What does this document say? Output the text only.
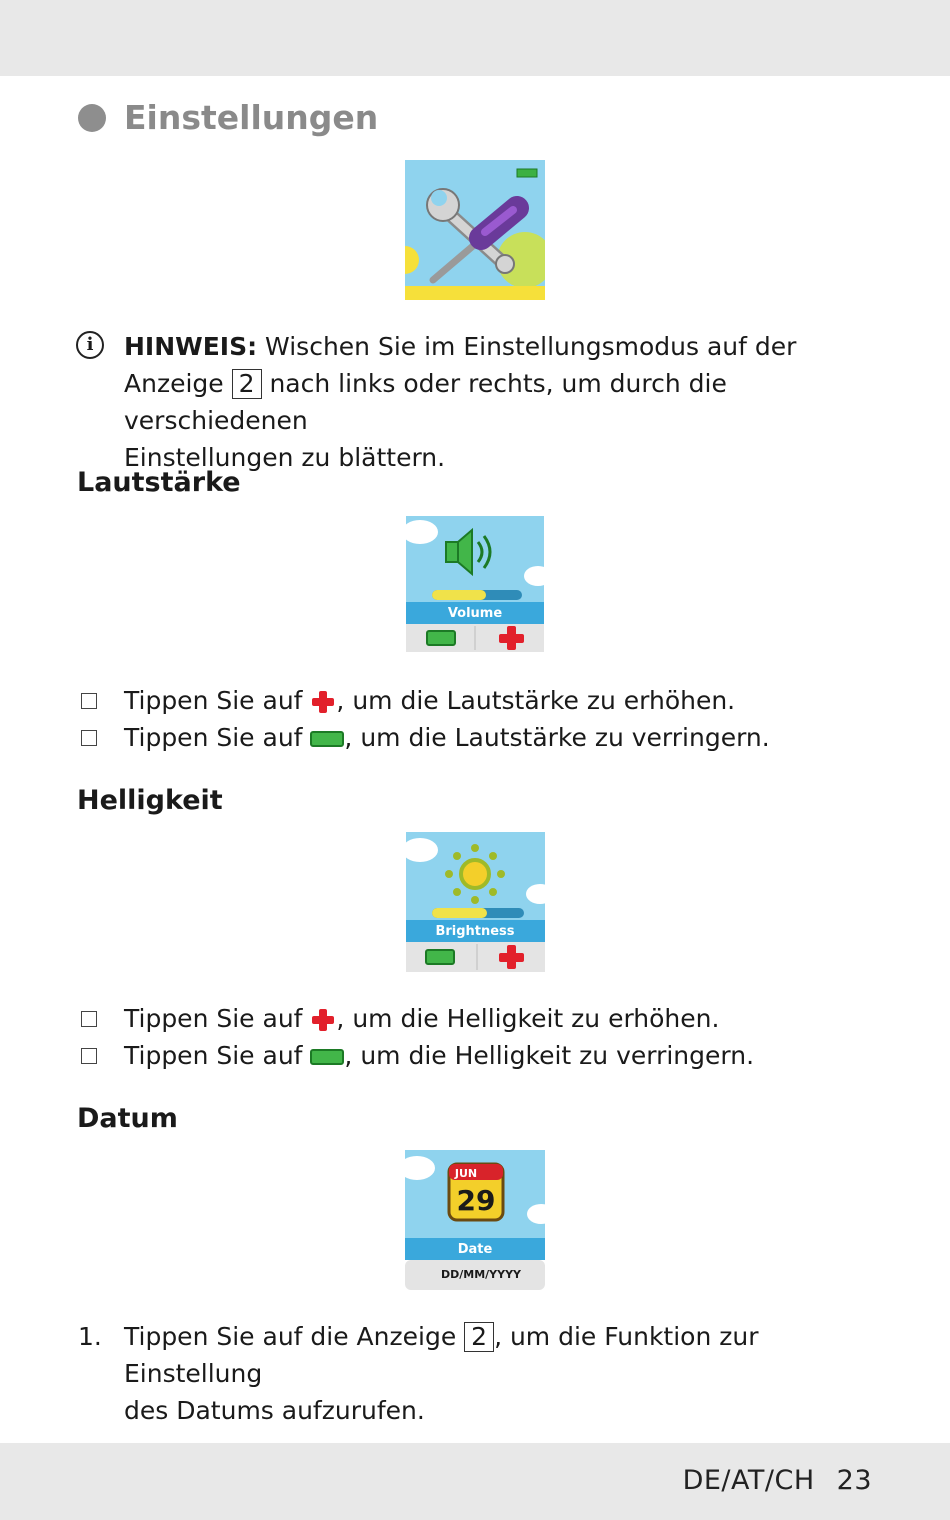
Einstellungen
i	HINWEIS: Wischen Sie im Einstellungsmodus auf der
Anzeige 2 nach links oder rechts, um durch die verschiedenen
Einstellungen zu blättern.
Lautstärke
Volume
Tippen Sie auf , um die Lautstärke zu erhöhen.
Tippen Sie auf , um die Lautstärke zu verringern.
Helligkeit
Brightness
Tippen Sie auf , um die Helligkeit zu erhöhen.
Tippen Sie auf , um die Helligkeit zu verringern.
Datum
JUN
29
Date
DD/MM/YYYY
1. Tippen Sie auf die Anzeige 2 , um die Funktion zur Einstellung
des Datums aufzurufen.
DE/AT/CH 23
